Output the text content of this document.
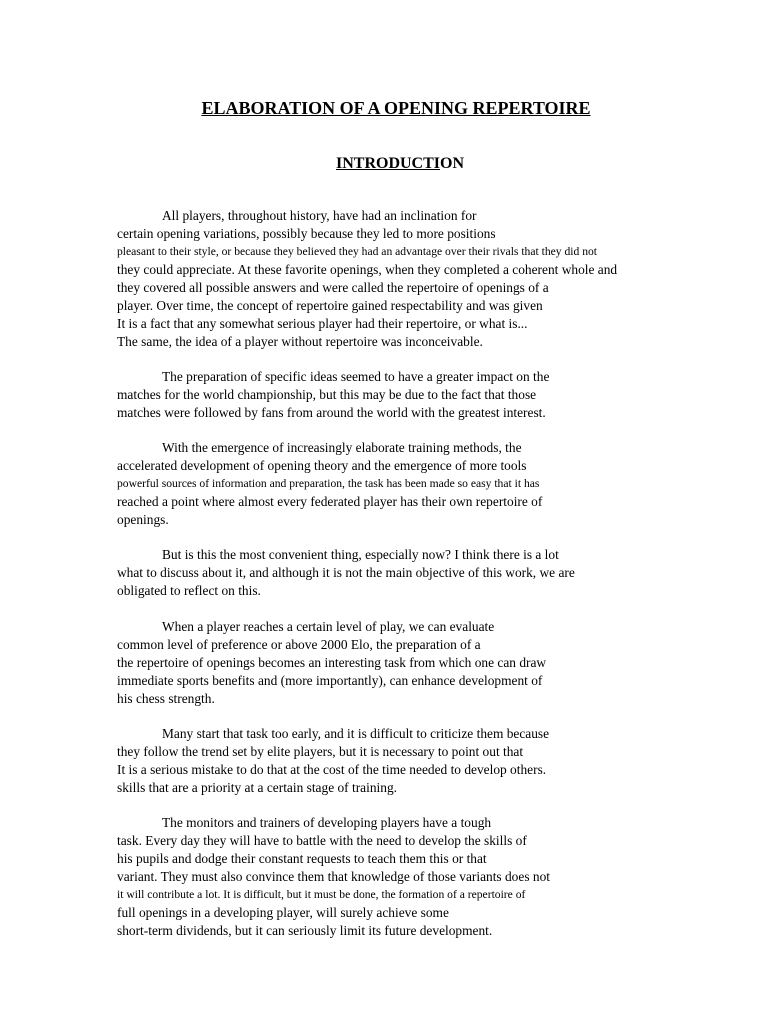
ELABORATION OF A OPENING REPERTOIRE
INTRODUCTION
All players, throughout history, have had an inclination for
certain opening variations, possibly because they led to more positions
pleasant to their style, or because they believed they had an advantage over their rivals that they did not
they could appreciate. At these favorite openings, when they completed a coherent whole and
they covered all possible answers and were called the repertoire of openings of a
player. Over time, the concept of repertoire gained respectability and was given
It is a fact that any somewhat serious player had their repertoire, or what is...
The same, the idea of a player without repertoire was inconceivable.
The preparation of specific ideas seemed to have a greater impact on the
matches for the world championship, but this may be due to the fact that those
matches were followed by fans from around the world with the greatest interest.
With the emergence of increasingly elaborate training methods, the
accelerated development of opening theory and the emergence of more tools
powerful sources of information and preparation, the task has been made so easy that it has
reached a point where almost every federated player has their own repertoire of
openings.
But is this the most convenient thing, especially now? I think there is a lot
what to discuss about it, and although it is not the main objective of this work, we are
obligated to reflect on this.
When a player reaches a certain level of play, we can evaluate
common level of preference or above 2000 Elo, the preparation of a
the repertoire of openings becomes an interesting task from which one can draw
immediate sports benefits and (more importantly), can enhance development of
his chess strength.
Many start that task too early, and it is difficult to criticize them because
they follow the trend set by elite players, but it is necessary to point out that
It is a serious mistake to do that at the cost of the time needed to develop others.
skills that are a priority at a certain stage of training.
The monitors and trainers of developing players have a tough
task. Every day they will have to battle with the need to develop the skills of
his pupils and dodge their constant requests to teach them this or that
variant. They must also convince them that knowledge of those variants does not
it will contribute a lot. It is difficult, but it must be done, the formation of a repertoire of
full openings in a developing player, will surely achieve some
short-term dividends, but it can seriously limit its future development.
